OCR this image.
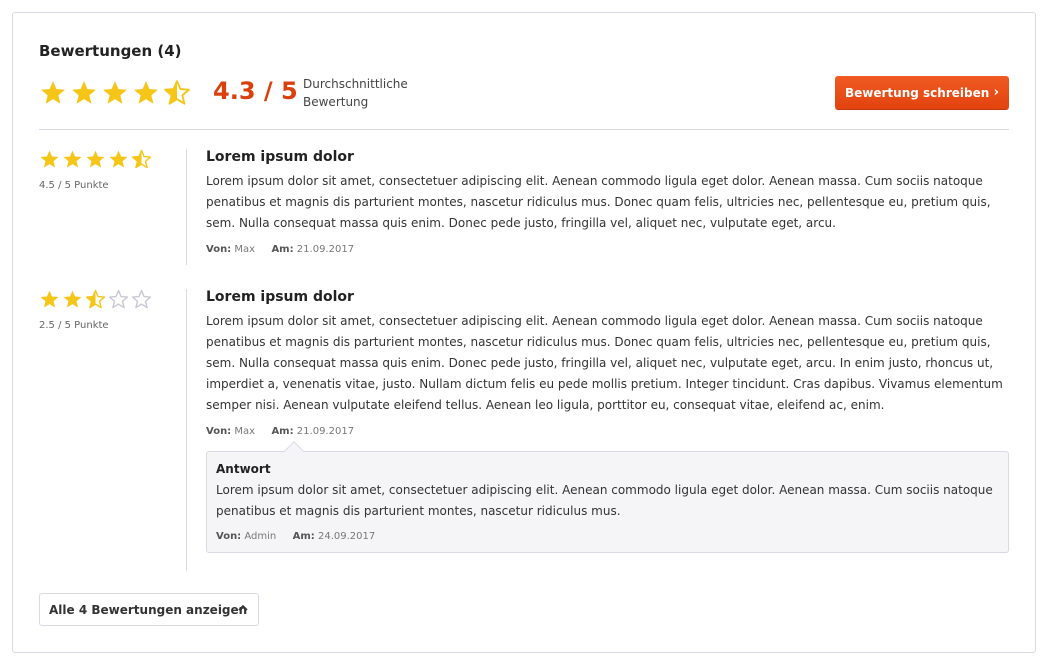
Bewertungen (4)
4.3 / 5 Durchschnittliche Bewertung
Bewertung schreiben ›
4.5 / 5 Punkte
Lorem ipsum dolor

Lorem ipsum dolor sit amet, consectetuer adipiscing elit. Aenean commodo ligula eget dolor. Aenean massa. Cum sociis natoque penatibus et magnis dis parturient montes, nascetur ridiculus mus. Donec quam felis, ultricies nec, pellentesque eu, pretium quis, sem. Nulla consequat massa quis enim. Donec pede justo, fringilla vel, aliquet nec, vulputate eget, arcu.

Von: Max Am: 21.09.2017
2.5 / 5 Punkte
Lorem ipsum dolor

Lorem ipsum dolor sit amet, consectetuer adipiscing elit. Aenean commodo ligula eget dolor. Aenean massa. Cum sociis natoque penatibus et magnis dis parturient montes, nascetur ridiculus mus. Donec quam felis, ultricies nec, pellentesque eu, pretium quis, sem. Nulla consequat massa quis enim. Donec pede justo, fringilla vel, aliquet nec, vulputate eget, arcu. In enim justo, rhoncus ut, imperdiet a, venenatis vitae, justo. Nullam dictum felis eu pede mollis pretium. Integer tincidunt. Cras dapibus. Vivamus elementum semper nisi. Aenean vulputate eleifend tellus. Aenean leo ligula, porttitor eu, consequat vitae, eleifend ac, enim.

Von: Max Am: 21.09.2017
Antwort

Lorem ipsum dolor sit amet, consectetuer adipiscing elit. Aenean commodo ligula eget dolor. Aenean massa. Cum sociis natoque penatibus et magnis dis parturient montes, nascetur ridiculus mus.

Von: Admin Am: 24.09.2017
Alle 4 Bewertungen anzeigen
